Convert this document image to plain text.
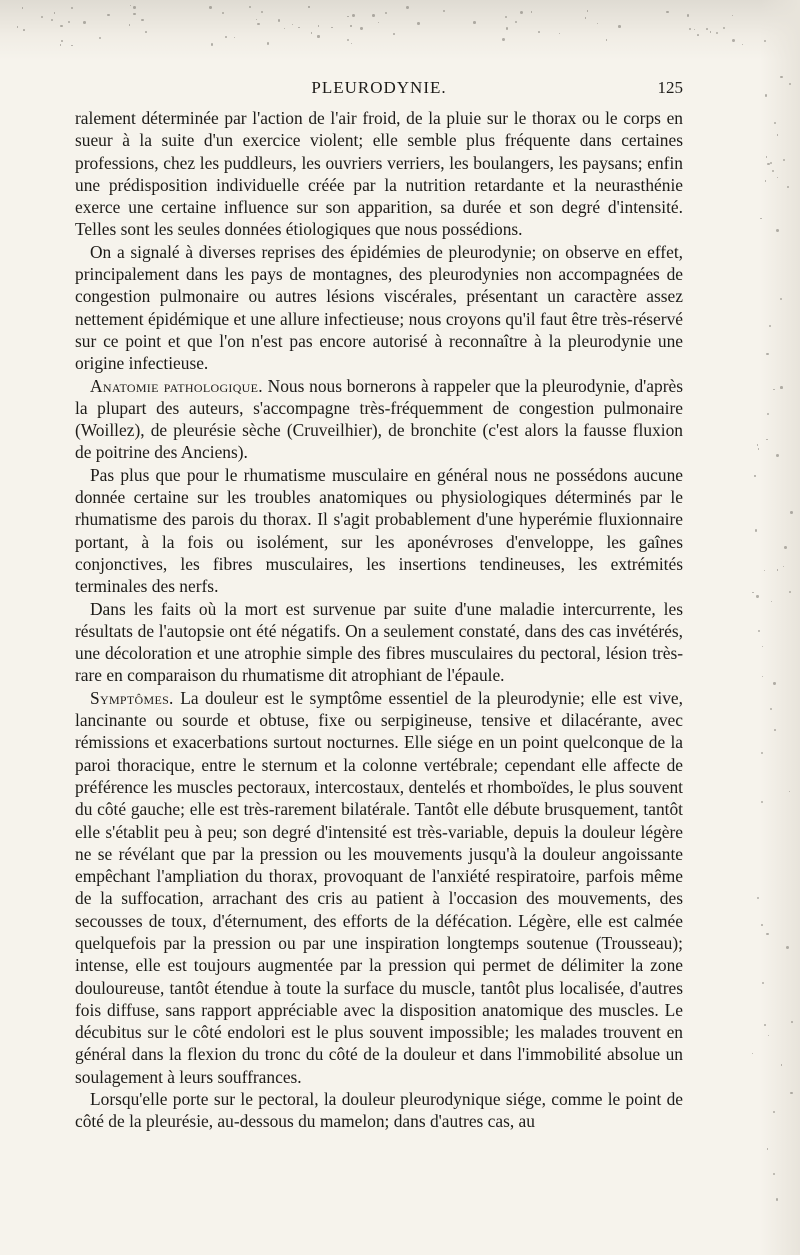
PLEURODYNIE.	125

ralement déterminée par l'action de l'air froid, de la pluie sur le thorax ou le corps en sueur à la suite d'un exercice violent; elle semble plus fréquente dans certaines professions, chez les puddleurs, les ouvriers verriers, les boulangers, les paysans; enfin une prédisposition individuelle créée par la nutrition retardante et la neurasthénie exerce une certaine influence sur son apparition, sa durée et son degré d'intensité. Telles sont les seules données étiologiques que nous possédions.

On a signalé à diverses reprises des épidémies de pleurodynie; on observe en effet, principalement dans les pays de montagnes, des pleurodynies non accompagnées de congestion pulmonaire ou autres lésions viscérales, présentant un caractère assez nettement épidémique et une allure infectieuse; nous croyons qu'il faut être très-réservé sur ce point et que l'on n'est pas encore autorisé à reconnaître à la pleurodynie une origine infectieuse.

Anatomie pathologique. Nous nous bornerons à rappeler que la pleurodynie, d'après la plupart des auteurs, s'accompagne très-fréquemment de congestion pulmonaire (Woillez), de pleurésie sèche (Cruveilhier), de bronchite (c'est alors la fausse fluxion de poitrine des Anciens).

Pas plus que pour le rhumatisme musculaire en général nous ne possédons aucune donnée certaine sur les troubles anatomiques ou physiologiques déterminés par le rhumatisme des parois du thorax. Il s'agit probablement d'une hyperémie fluxionnaire portant, à la fois ou isolément, sur les aponévroses d'enveloppe, les gaînes conjonctives, les fibres musculaires, les insertions tendineuses, les extrémités terminales des nerfs.

Dans les faits où la mort est survenue par suite d'une maladie intercurrente, les résultats de l'autopsie ont été négatifs. On a seulement constaté, dans des cas invétérés, une décoloration et une atrophie simple des fibres musculaires du pectoral, lésion très-rare en comparaison du rhumatisme dit atrophiant de l'épaule.

Symptômes. La douleur est le symptôme essentiel de la pleurodynie; elle est vive, lancinante ou sourde et obtuse, fixe ou serpigineuse, tensive et dilacérante, avec rémissions et exacerbations surtout nocturnes. Elle siége en un point quelconque de la paroi thoracique, entre le sternum et la colonne vertébrale; cependant elle affecte de préférence les muscles pectoraux, intercostaux, dentelés et rhomboïdes, le plus souvent du côté gauche; elle est très-rarement bilatérale. Tantôt elle débute brusquement, tantôt elle s'établit peu à peu; son degré d'intensité est très-variable, depuis la douleur légère ne se révélant que par la pression ou les mouvements jusqu'à la douleur angoissante empêchant l'ampliation du thorax, provoquant de l'anxiété respiratoire, parfois même de la suffocation, arrachant des cris au patient à l'occasion des mouvements, des secousses de toux, d'éternument, des efforts de la défécation. Légère, elle est calmée quelquefois par la pression ou par une inspiration longtemps soutenue (Trousseau); intense, elle est toujours augmentée par la pression qui permet de délimiter la zone douloureuse, tantôt étendue à toute la surface du muscle, tantôt plus localisée, d'autres fois diffuse, sans rapport appréciable avec la disposition anatomique des muscles. Le décubitus sur le côté endolori est le plus souvent impossible; les malades trouvent en général dans la flexion du tronc du côté de la douleur et dans l'immobilité absolue un soulagement à leurs souffrances.

Lorsqu'elle porte sur le pectoral, la douleur pleurodynique siége, comme le point de côté de la pleurésie, au-dessous du mamelon; dans d'autres cas, au
